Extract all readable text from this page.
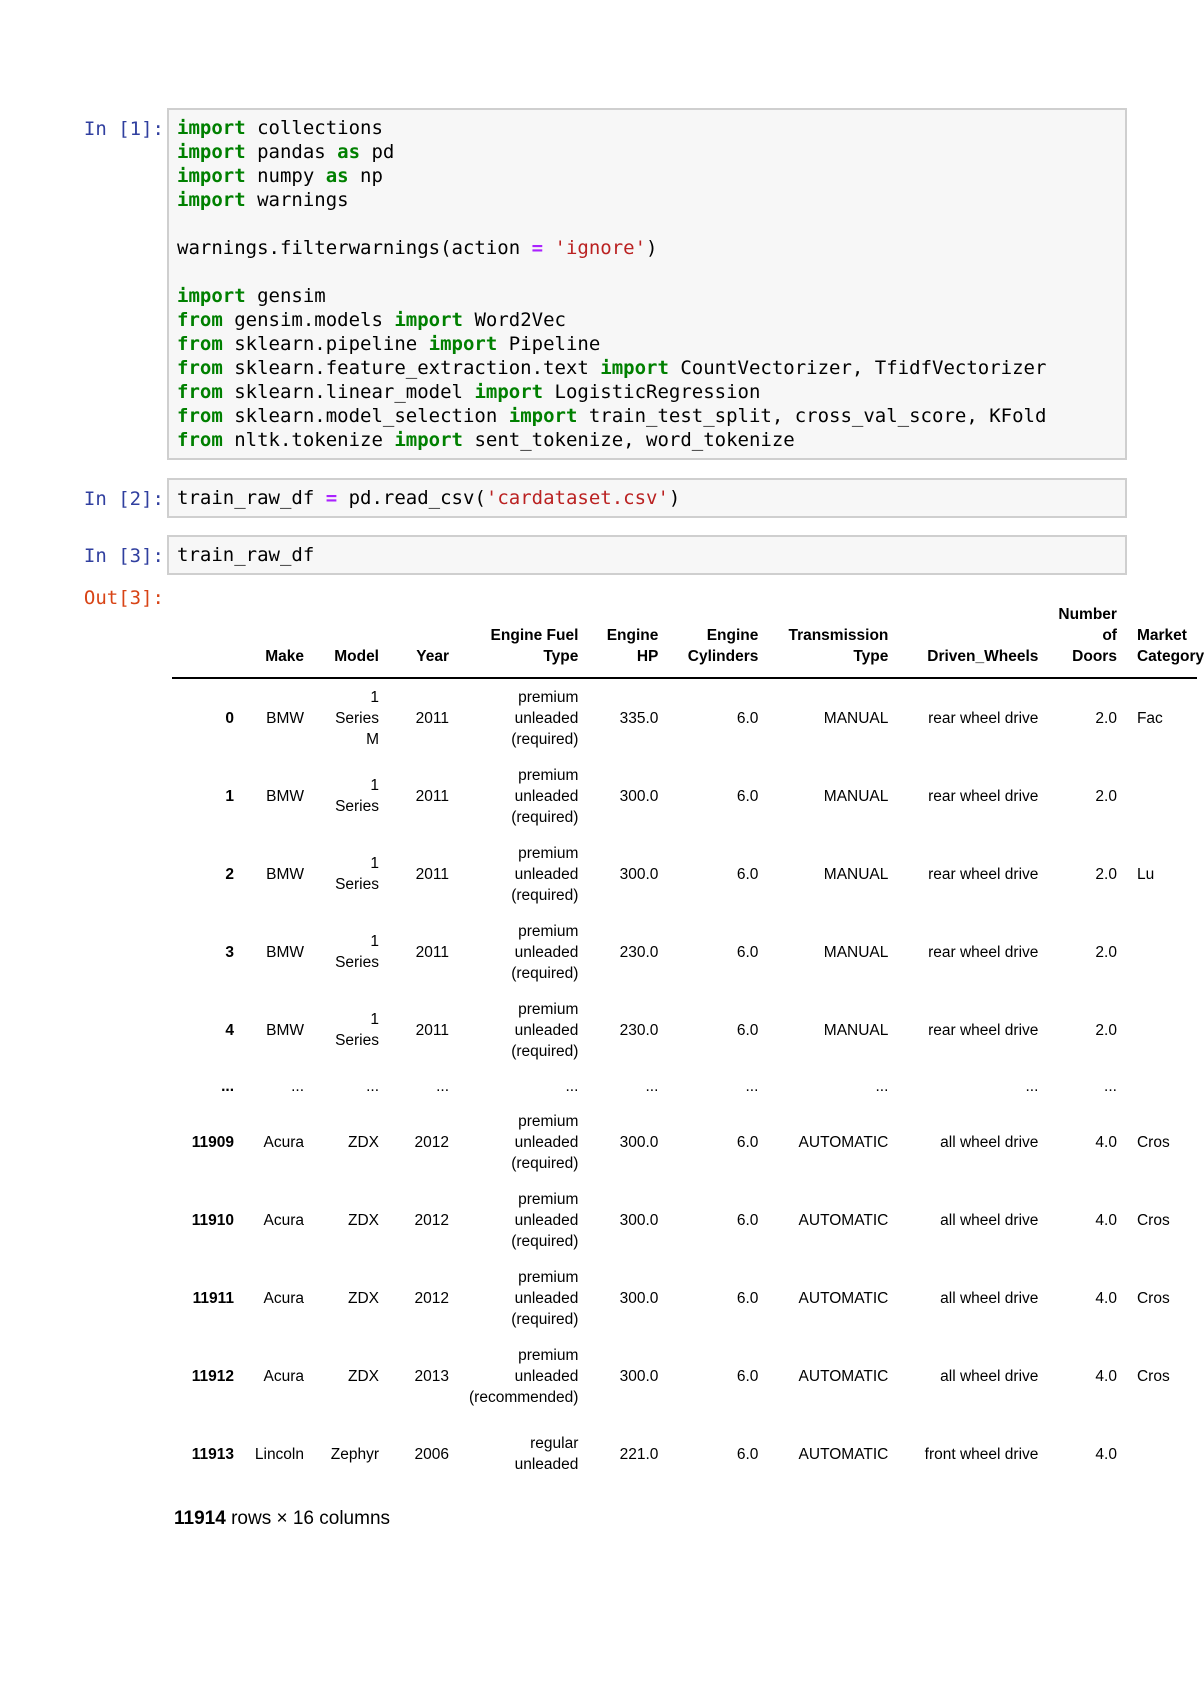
In [1]: import collections
import pandas as pd
import numpy as np
import warnings

warnings.filterwarnings(action = 'ignore')

import gensim
from gensim.models import Word2Vec
from sklearn.pipeline import Pipeline
from sklearn.feature_extraction.text import CountVectorizer, TfidfVectorizer
from sklearn.linear_model import LogisticRegression
from sklearn.model_selection import train_test_split, cross_val_score, KFold
from nltk.tokenize import sent_tokenize, word_tokenize
In [2]: train_raw_df = pd.read_csv('cardataset.csv')
In [3]: train_raw_df
Out[3]:
	Make	Model	Year	Engine Fuel Type	Engine HP	Engine Cylinders	Transmission Type	Driven_Wheels	Number of Doors	Market Category
0	BMW	1 Series M	2011	premium unleaded (required)	335.0	6.0	MANUAL	rear wheel drive	2.0	Fac
1	BMW	1 Series	2011	premium unleaded (required)	300.0	6.0	MANUAL	rear wheel drive	2.0	
2	BMW	1 Series	2011	premium unleaded (required)	300.0	6.0	MANUAL	rear wheel drive	2.0	Lu
3	BMW	1 Series	2011	premium unleaded (required)	230.0	6.0	MANUAL	rear wheel drive	2.0	
4	BMW	1 Series	2011	premium unleaded (required)	230.0	6.0	MANUAL	rear wheel drive	2.0	
...	...	...	...	...	...	...	...	...	...	
11909	Acura	ZDX	2012	premium unleaded (required)	300.0	6.0	AUTOMATIC	all wheel drive	4.0	Cros
11910	Acura	ZDX	2012	premium unleaded (required)	300.0	6.0	AUTOMATIC	all wheel drive	4.0	Cros
11911	Acura	ZDX	2012	premium unleaded (required)	300.0	6.0	AUTOMATIC	all wheel drive	4.0	Cros
11912	Acura	ZDX	2013	premium unleaded (recommended)	300.0	6.0	AUTOMATIC	all wheel drive	4.0	Cros
11913	Lincoln	Zephyr	2006	regular unleaded	221.0	6.0	AUTOMATIC	front wheel drive	4.0	
11914 rows × 16 columns
